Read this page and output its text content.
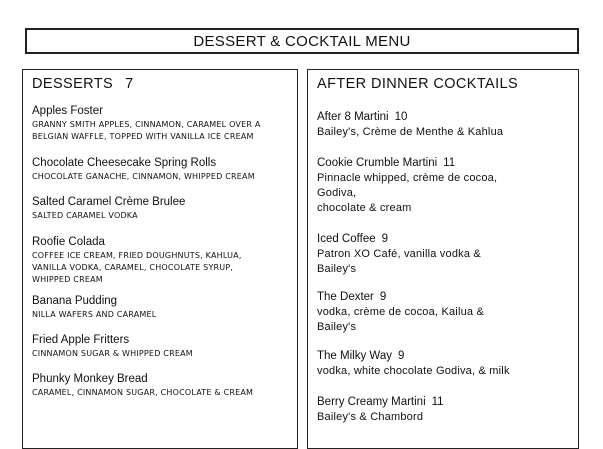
DESSERT & COCKTAIL MENU
DESSERTS 7
Apples Foster
GRANNY SMITH APPLES, CINNAMON, CARAMEL OVER A
BELGIAN WAFFLE, TOPPED WITH VANILLA ICE CREAM
Chocolate Cheesecake Spring Rolls
CHOCOLATE GANACHE, CINNAMON, WHIPPED CREAM
Salted Caramel Crème Brulee
SALTED CARAMEL VODKA
Roofie Colada
COFFEE ICE CREAM, FRIED DOUGHNUTS, KAHLUA,
VANILLA VODKA, CARAMEL, CHOCOLATE SYRUP,
WHIPPED CREAM
Banana Pudding
NILLA WAFERS AND CARAMEL
Fried Apple Fritters
CINNAMON SUGAR & WHIPPED CREAM
Phunky Monkey Bread
CARAMEL, CINNAMON SUGAR, CHOCOLATE & CREAM
AFTER DINNER COCKTAILS
After 8 Martini 10
Bailey's, Crème de Menthe & Kahlua
Cookie Crumble Martini 11
Pinnacle whipped, crème de cocoa,
Godiva,
chocolate & cream
Iced Coffee 9
Patron XO Café, vanilla vodka &
Bailey's
The Dexter 9
vodka, crème de cocoa, Kailua &
Bailey's
The Milky Way 9
vodka, white chocolate Godiva, & milk
Berry Creamy Martini 11
Bailey's & Chambord
